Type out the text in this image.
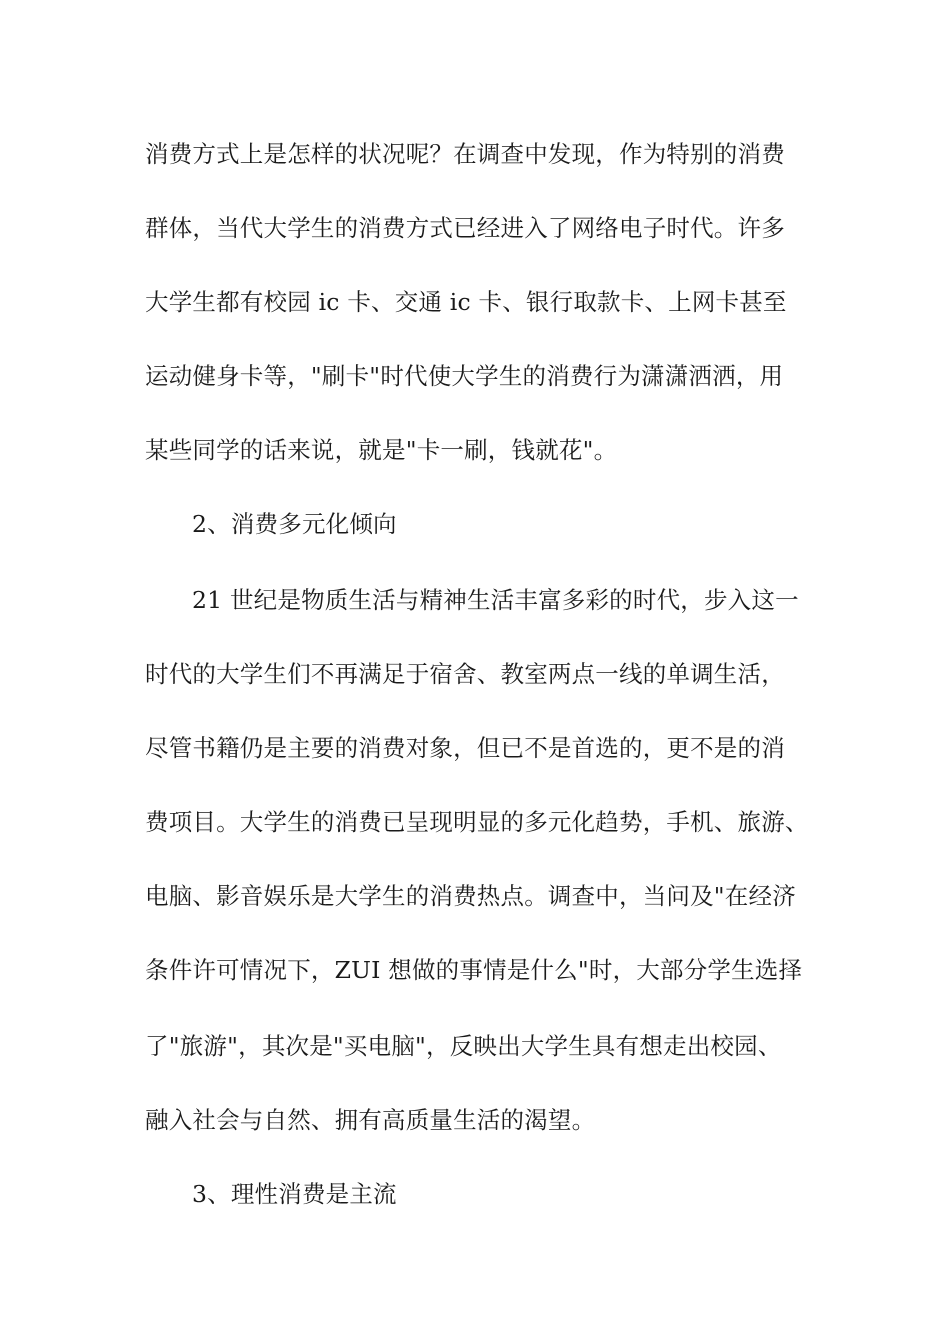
消费方式上是怎样的状况呢？在调查中发现，作为特别的消费

群体，当代大学生的消费方式已经进入了网络电子时代。许多

大学生都有校园 ic 卡、交通 ic 卡、银行取款卡、上网卡甚至

运动健身卡等，"刷卡"时代使大学生的消费行为潇潇洒洒，用

某些同学的话来说，就是"卡一刷，钱就花"。

2、消费多元化倾向

21 世纪是物质生活与精神生活丰富多彩的时代，步入这一

时代的大学生们不再满足于宿舍、教室两点一线的单调生活，

尽管书籍仍是主要的消费对象，但已不是首选的，更不是的消

费项目。大学生的消费已呈现明显的多元化趋势，手机、旅游、

电脑、影音娱乐是大学生的消费热点。调查中，当问及"在经济

条件许可情况下，ZUI 想做的事情是什么"时，大部分学生选择

了"旅游"，其次是"买电脑"，反映出大学生具有想走出校园、

融入社会与自然、拥有高质量生活的渴望。

3、理性消费是主流
